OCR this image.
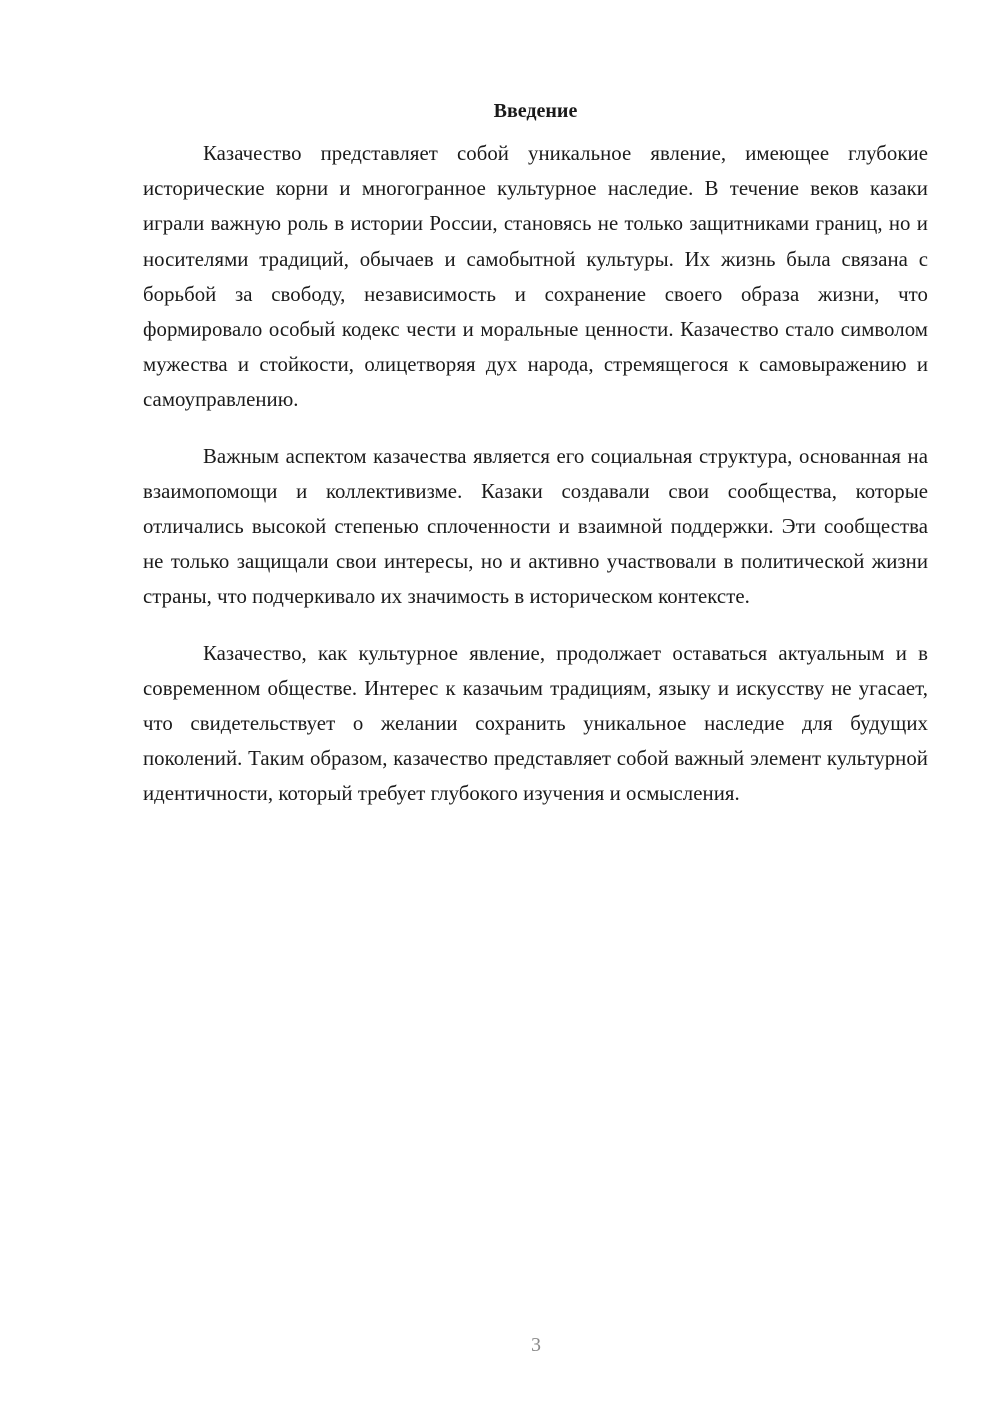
Введение

Казачество представляет собой уникальное явление, имеющее глубокие исторические корни и многогранное культурное наследие. В течение веков казаки играли важную роль в истории России, становясь не только защитниками границ, но и носителями традиций, обычаев и самобытной культуры. Их жизнь была связана с борьбой за свободу, независимость и сохранение своего образа жизни, что формировало особый кодекс чести и моральные ценности. Казачество стало символом мужества и стойкости, олицетворяя дух народа, стремящегося к самовыражению и самоуправлению.

Важным аспектом казачества является его социальная структура, основанная на взаимопомощи и коллективизме. Казаки создавали свои сообщества, которые отличались высокой степенью сплоченности и взаимной поддержки. Эти сообщества не только защищали свои интересы, но и активно участвовали в политической жизни страны, что подчеркивало их значимость в историческом контексте.

Казачество, как культурное явление, продолжает оставаться актуальным и в современном обществе. Интерес к казачьим традициям, языку и искусству не угасает, что свидетельствует о желании сохранить уникальное наследие для будущих поколений. Таким образом, казачество представляет собой важный элемент культурной идентичности, который требует глубокого изучения и осмысления.

3
